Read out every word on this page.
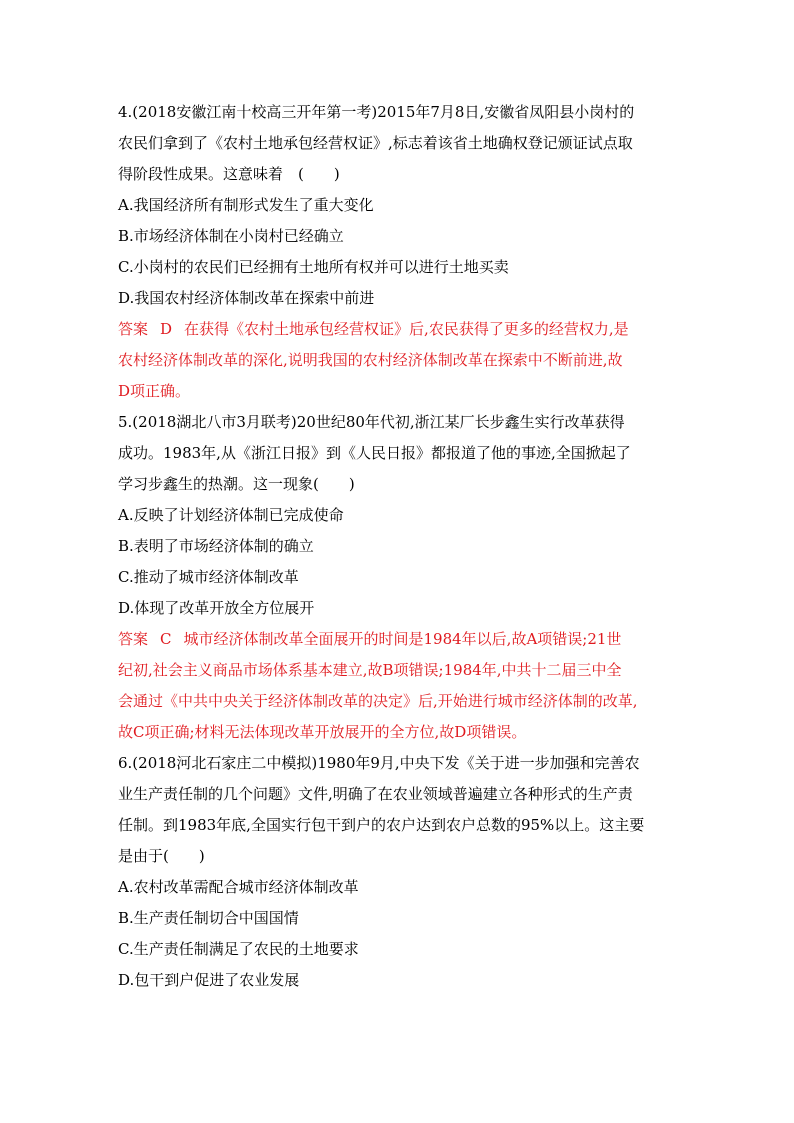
4.(2018安徽江南十校高三开年第一考)2015年7月8日,安徽省凤阳县小岗村的
农民们拿到了《农村土地承包经营权证》,标志着该省土地确权登记颁证试点取
得阶段性成果。这意味着　(　　)
A.我国经济所有制形式发生了重大变化
B.市场经济体制在小岗村已经确立
C.小岗村的农民们已经拥有土地所有权并可以进行土地买卖
D.我国农村经济体制改革在探索中前进
答案 D 在获得《农村土地承包经营权证》后,农民获得了更多的经营权力,是
农村经济体制改革的深化,说明我国的农村经济体制改革在探索中不断前进,故
D项正确。
5.(2018湖北八市3月联考)20世纪80年代初,浙江某厂长步鑫生实行改革获得
成功。1983年,从《浙江日报》到《人民日报》都报道了他的事迹,全国掀起了
学习步鑫生的热潮。这一现象(　　)
A.反映了计划经济体制已完成使命
B.表明了市场经济体制的确立
C.推动了城市经济体制改革
D.体现了改革开放全方位展开
答案 C 城市经济体制改革全面展开的时间是1984年以后,故A项错误;21世
纪初,社会主义商品市场体系基本建立,故B项错误;1984年,中共十二届三中全
会通过《中共中央关于经济体制改革的决定》后,开始进行城市经济体制的改革,
故C项正确;材料无法体现改革开放展开的全方位,故D项错误。
6.(2018河北石家庄二中模拟)1980年9月,中央下发《关于进一步加强和完善农
业生产责任制的几个问题》文件,明确了在农业领域普遍建立各种形式的生产责
任制。到1983年底,全国实行包干到户的农户达到农户总数的95%以上。这主要
是由于(　　)
A.农村改革需配合城市经济体制改革
B.生产责任制切合中国国情
C.生产责任制满足了农民的土地要求
D.包干到户促进了农业发展
